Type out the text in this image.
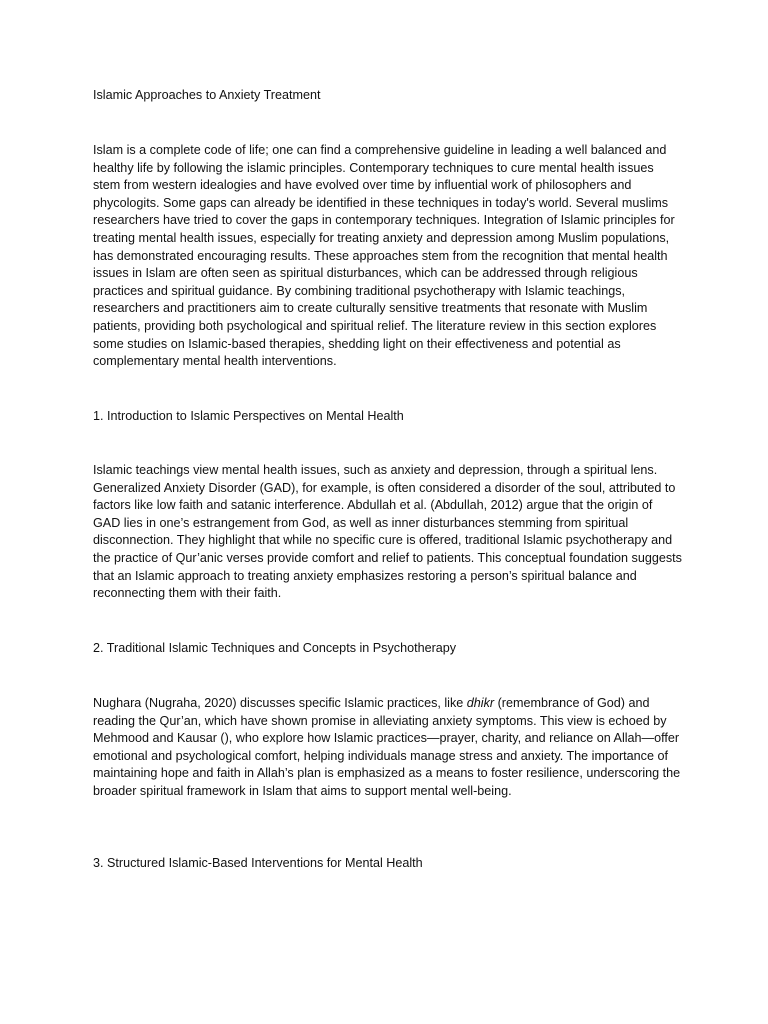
Islamic Approaches to Anxiety Treatment

Islam is a complete code of life; one can find a comprehensive guideline in leading a well balanced and healthy life by following the islamic principles. Contemporary techniques to cure mental health issues stem from western idealogies and have evolved over time by influential work of philosophers and phycologits. Some gaps can already be identified in these techniques in today's world. Several muslims researchers have tried to cover the gaps in contemporary techniques. Integration of Islamic principles for treating mental health issues, especially for treating anxiety and depression among Muslim populations, has demonstrated encouraging results. These approaches stem from the recognition that mental health issues in Islam are often seen as spiritual disturbances, which can be addressed through religious practices and spiritual guidance. By combining traditional psychotherapy with Islamic teachings, researchers and practitioners aim to create culturally sensitive treatments that resonate with Muslim patients, providing both psychological and spiritual relief. The literature review in this section explores some studies on Islamic-based therapies, shedding light on their effectiveness and potential as complementary mental health interventions.

1. Introduction to Islamic Perspectives on Mental Health

Islamic teachings view mental health issues, such as anxiety and depression, through a spiritual lens. Generalized Anxiety Disorder (GAD), for example, is often considered a disorder of the soul, attributed to factors like low faith and satanic interference. Abdullah et al. (Abdullah, 2012) argue that the origin of GAD lies in one’s estrangement from God, as well as inner disturbances stemming from spiritual disconnection. They highlight that while no specific cure is offered, traditional Islamic psychotherapy and the practice of Qur’anic verses provide comfort and relief to patients. This conceptual foundation suggests that an Islamic approach to treating anxiety emphasizes restoring a person’s spiritual balance and reconnecting them with their faith.

2. Traditional Islamic Techniques and Concepts in Psychotherapy

Nughara (Nugraha, 2020) discusses specific Islamic practices, like dhikr (remembrance of God) and reading the Qur’an, which have shown promise in alleviating anxiety symptoms. This view is echoed by Mehmood and Kausar (), who explore how Islamic practices—prayer, charity, and reliance on Allah—offer emotional and psychological comfort, helping individuals manage stress and anxiety. The importance of maintaining hope and faith in Allah’s plan is emphasized as a means to foster resilience, underscoring the broader spiritual framework in Islam that aims to support mental well-being.

3. Structured Islamic-Based Interventions for Mental Health
